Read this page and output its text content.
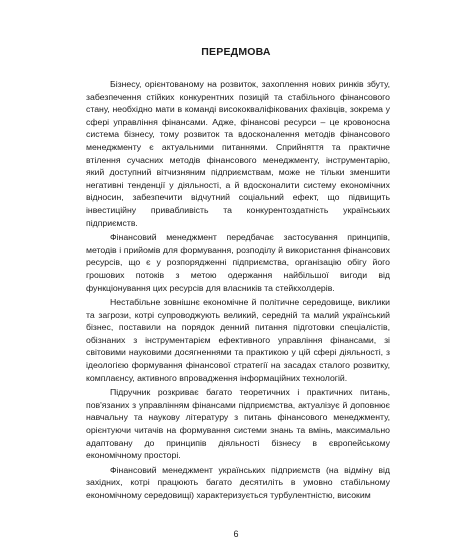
ПЕРЕДМОВА

Бізнесу, орієнтованому на розвиток, захоплення нових ринків збуту, забезпечення стійких конкурентних позицій та стабільного фінансового стану, необхідно мати в команді висококваліфікованих фахівців, зокрема у сфері управління фінансами. Адже, фінансові ресурси – це кровоносна система бізнесу, тому розвиток та вдосконалення методів фінансового менеджменту є актуальними питаннями. Сприйняття та практичне втілення сучасних методів фінансового менеджменту, інструментарію, який доступний вітчизняним підприємствам, може не тільки зменшити негативні тенденції у діяльності, а й вдосконалити систему економічних відносин, забезпечити відчутний соціальний ефект, що підвищить інвестиційну привабливість та конкурентоздатність українських підприємств.

Фінансовий менеджмент передбачає застосування принципів, методів і прийомів для формування, розподілу й використання фінансових ресурсів, що є у розпорядженні підприємства, організацію обігу його грошових потоків з метою одержання найбільшої вигоди від функціонування цих ресурсів для власників та стейкхолдерів.

Нестабільне зовнішнє економічне й політичне середовище, виклики та загрози, котрі супроводжують великий, середній та малий український бізнес, поставили на порядок денний питання підготовки спеціалістів, обізнаних з інструментарієм ефективного управління фінансами, зі світовими науковими досягненнями та практикою у цій сфері діяльності, з ідеологією формування фінансової стратегії на засадах сталого розвитку, комплаєнсу, активного впровадження інформаційних технологій.

Підручник розкриває багато теоретичних і практичних питань, пов'язаних з управлінням фінансами підприємства, актуалізує й доповнює навчальну та наукову літературу з питань фінансового менеджменту, орієнтуючи читачів на формування системи знань та вмінь, максимально адаптовану до принципів діяльності бізнесу в європейському економічному просторі.

Фінансовий менеджмент українських підприємств (на відміну від західних, котрі працюють багато десятиліть в умовно стабільному економічному середовищі) характеризується турбулентністю, високим

6
